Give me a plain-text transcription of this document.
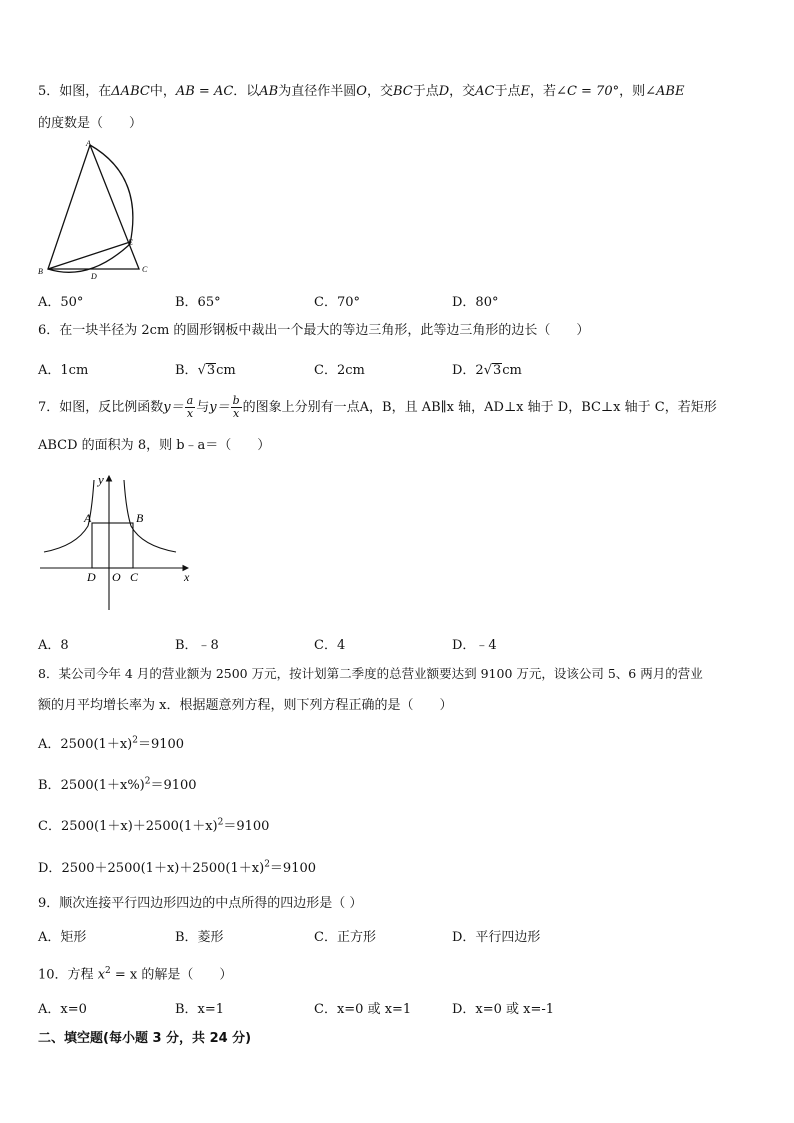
5．如图，在ΔABC中，AB = AC．以AB为直径作半圆O，交BC于点D，交AC于点E，若∠C = 70°，则∠ABE
的度数是（　　）
A
E
B
D
C
A．50°	B．65°	C．70°	D．80°
6．在一块半径为 2cm 的圆形钢板中裁出一个最大的等边三角形，此等边三角形的边长（　　）
A．1cm	B．√3cm	C．2cm	D．2√3cm
7．如图，反比例函数$y= \frac{a}{x}$ 与$y= \frac{b}{x}$ 的图象上分别有一点A，B，且 AB∥x 轴，AD⊥x 轴于 D，BC⊥x 轴于 C，若矩形
ABCD 的面积为 8，则 b﹣a＝（　　）
y
A	B
D O C	x
A．8	B．﹣8	C．4	D．﹣4
8．某公司今年 4 月的营业额为 2500 万元，按计划第二季度的总营业额要达到 9100 万元，设该公司 5、6 两月的营业
额的月平均增长率为 x．根据题意列方程，则下列方程正确的是（　　）
A．$2500(1+x)^2=9100$
B．$2500(1+x\%)^2=9100$
C．$2500(1+x)+2500(1+x)^2=9100$
D．$2500+2500(1+x)+2500(1+x)^2=9100$
9．顺次连接平行四边形四边的中点所得的四边形是（ ）
A．矩形	B．菱形	C．正方形	D．平行四边形
10．方程 $x^2 = x$ 的解是（　　）
A．x=0	B．x=1	C．x=0 或 x=1	D．x=0 或 x=-1
二、填空题(每小题 3 分，共 24 分)
